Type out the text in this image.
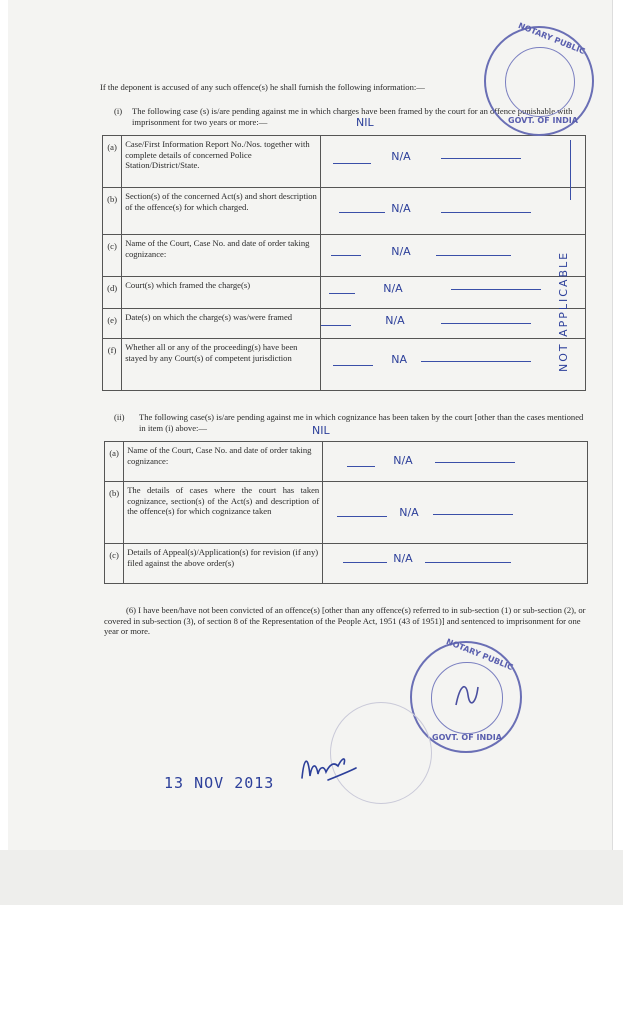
If the deponent is accused of any such offence(s) he shall furnish the following information:—
(i)	The following case (s) is/are pending against me in which charges have been framed by the court for an offence punishable with imprisonment for two years or more:—	NIL
(a)	Case/First Information Report No./Nos. together with complete details of concerned Police Station/District/State.	N/A

(b)	Section(s) of the concerned Act(s) and short description of the offence(s) for which charged.	N/A

(c)	Name of the Court, Case No. and date of order taking cognizance:	N/A

(d)	Court(s) which framed the charge(s)	N/A

(e)	Date(s) on which the charge(s) was/were framed	N/A

(f)	Whether all or any of the proceeding(s) have been stayed by any Court(s) of competent jurisdiction	NA	NOT APPLICABLE
(ii)	The following case(s) is/are pending against me in which cognizance has been taken by the court [other than the cases mentioned in item (i) above:—	NIL
(a)	Name of the Court, Case No. and date of order taking cognizance:	N/A

(b)	The details of cases where the court has taken cognizance, section(s) of the Act(s) and description of the offence(s) for which cognizance taken	N/A

(c)	Details of Appeal(s)/Application(s) for revision (if any) filed against the above order(s)	N/A
(6) I have been/have not been convicted of an offence(s) [other than any offence(s) referred to in sub-section (1) or sub-section (2), or covered in sub-section (3), of section 8 of the Representation of the People Act, 1951 (43 of 1951)] and sentenced to imprisonment for one year or more.
NOTARY PUBLIC
GOVT. OF INDIA
NOTARY PUBLIC
GOVT. OF INDIA
13 NOV 2013
